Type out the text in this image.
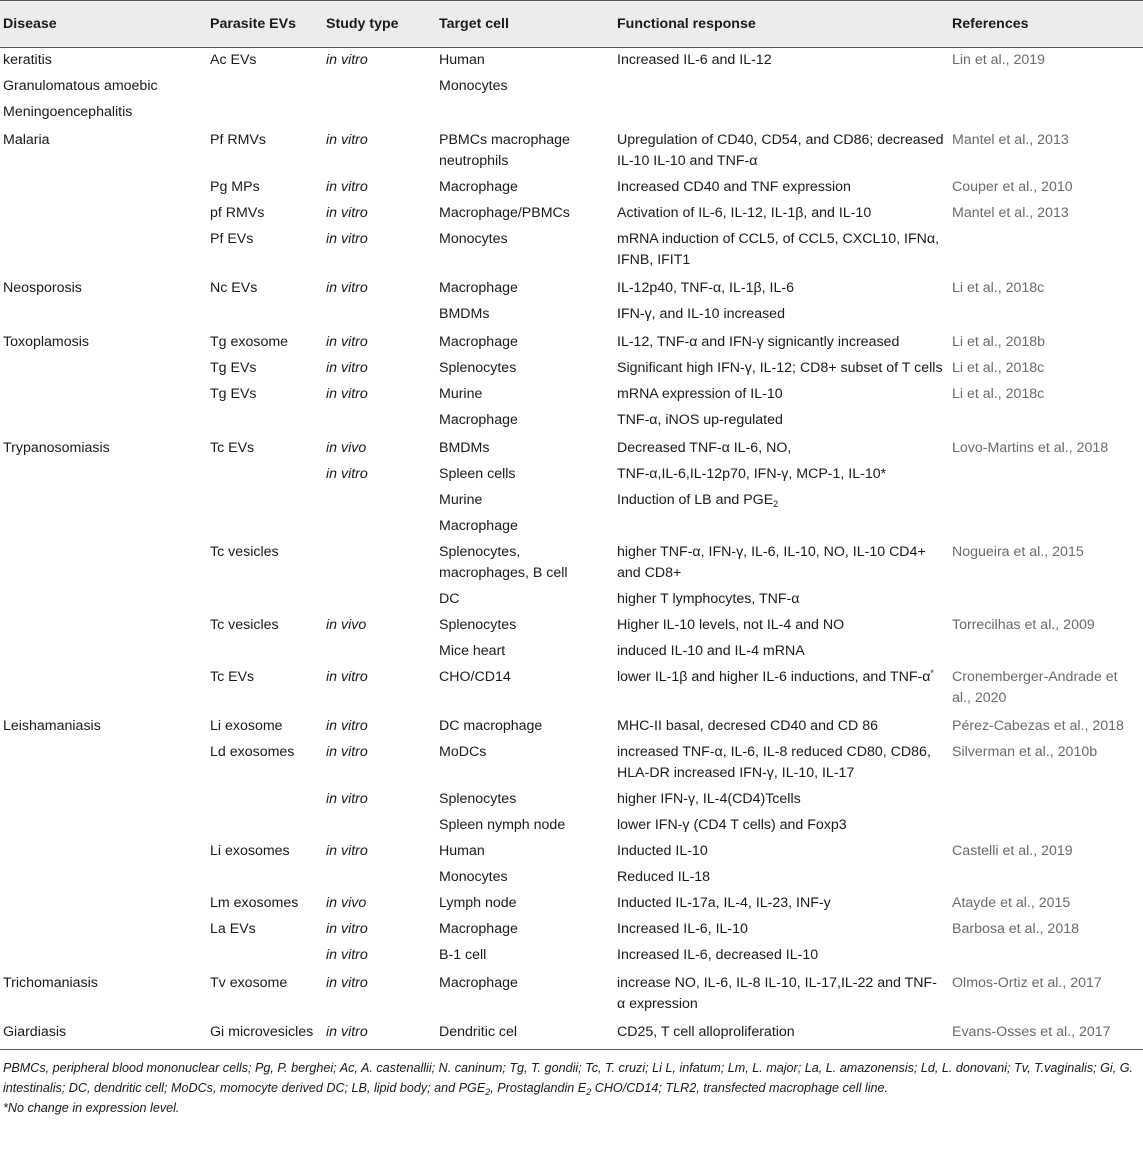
Disease	Parasite EVs	Study type	Target cell	Functional response	References
keratitis	Ac EVs	in vitro	Human	Increased IL-6 and IL-12	Lin et al., 2019
Granulomatous amoebic			Monocytes		
Meningoencephalitis					
Malaria	Pf RMVs	in vitro	PBMCs macrophage neutrophils	Upregulation of CD40, CD54, and CD86; decreased IL-10 IL-10 and TNF-α	Mantel et al., 2013
	Pg MPs	in vitro	Macrophage	Increased CD40 and TNF expression	Couper et al., 2010
	pf RMVs	in vitro	Macrophage/PBMCs	Activation of IL-6, IL-12, IL-1β, and IL-10	Mantel et al., 2013
	Pf EVs	in vitro	Monocytes	mRNA induction of CCL5, of CCL5, CXCL10, IFNα, IFNB, IFIT1	
Neosporosis	Nc EVs	in vitro	Macrophage	IL-12p40, TNF-α, IL-1β, IL-6	Li et al., 2018c
			BMDMs	IFN-γ, and IL-10 increased	
Toxoplamosis	Tg exosome	in vitro	Macrophage	IL-12, TNF-α and IFN-γ signicantly increased	Li et al., 2018b
	Tg EVs	in vitro	Splenocytes	Significant high IFN-γ, IL-12; CD8+ subset of T cells	Li et al., 2018c
	Tg EVs	in vitro	Murine	mRNA expression of IL-10	Li et al., 2018c
			Macrophage	TNF-α, iNOS up-regulated	
Trypanosomiasis	Tc EVs	in vivo	BMDMs	Decreased TNF-α IL-6, NO,	Lovo-Martins et al., 2018
		in vitro	Spleen cells	TNF-α,IL-6,IL-12p70, IFN-γ, MCP-1, IL-10*	
			Murine	Induction of LB and $PGE_2$	
			Macrophage		
	Tc vesicles		Splenocytes, macrophages, B cell	higher TNF-α, IFN-γ, IL-6, IL-10, NO, IL-10 CD4+ and CD8+	Nogueira et al., 2015
			DC	higher T lymphocytes, TNF-α	
	Tc vesicles	in vivo	Splenocytes	Higher IL-10 levels, not IL-4 and NO	Torrecilhas et al., 2009
			Mice heart	induced IL-10 and IL-4 mRNA	
	Tc EVs	in vitro	CHO/CD14	lower IL-1β and higher IL-6 inductions, and TNF-α*	Cronemberger-Andrade et al., 2020
Leishamaniasis	Li exosome	in vitro	DC macrophage	MHC-II basal, decresed CD40 and CD 86	Pérez-Cabezas et al., 2018
	Ld exosomes	in vitro	MoDCs	increased TNF-α, IL-6, IL-8 reduced CD80, CD86, HLA-DR increased IFN-γ, IL-10, IL-17	Silverman et al., 2010b
		in vitro	Splenocytes	higher IFN-γ, IL-4(CD4)Tcells	
			Spleen nymph node	lower IFN-γ (CD4 T cells) and Foxp3	
	Li exosomes	in vitro	Human	Inducted IL-10	Castelli et al., 2019
			Monocytes	Reduced IL-18	
	Lm exosomes	in vivo	Lymph node	Inducted IL-17a, IL-4, IL-23, INF-y	Atayde et al., 2015
	La EVs	in vitro	Macrophage	Increased IL-6, IL-10	Barbosa et al., 2018
		in vitro	B-1 cell	Increased IL-6, decreased IL-10	
Trichomaniasis	Tv exosome	in vitro	Macrophage	increase NO, IL-6, IL-8 IL-10, IL-17,IL-22 and TNF-α expression	Olmos-Ortiz et al., 2017
Giardiasis	Gi microvesicles	in vitro	Dendritic cel	CD25, T cell alloproliferation	Evans-Osses et al., 2017
PBMCs, peripheral blood mononuclear cells; Pg, P. berghei; Ac, A. castenallii; N. caninum; Tg, T. gondii; Tc, T. cruzi; Li L, infatum; Lm, L. major; La, L. amazonensis; Ld, L. donovani; Tv, T.vaginalis; Gi, G. intestinalis; DC, dendritic cell; MoDCs, momocyte derived DC; LB, lipid body; and $PGE_2$, Prostaglandin $E_2$ CHO/CD14; TLR2, transfected macrophage cell line.
*No change in expression level.
